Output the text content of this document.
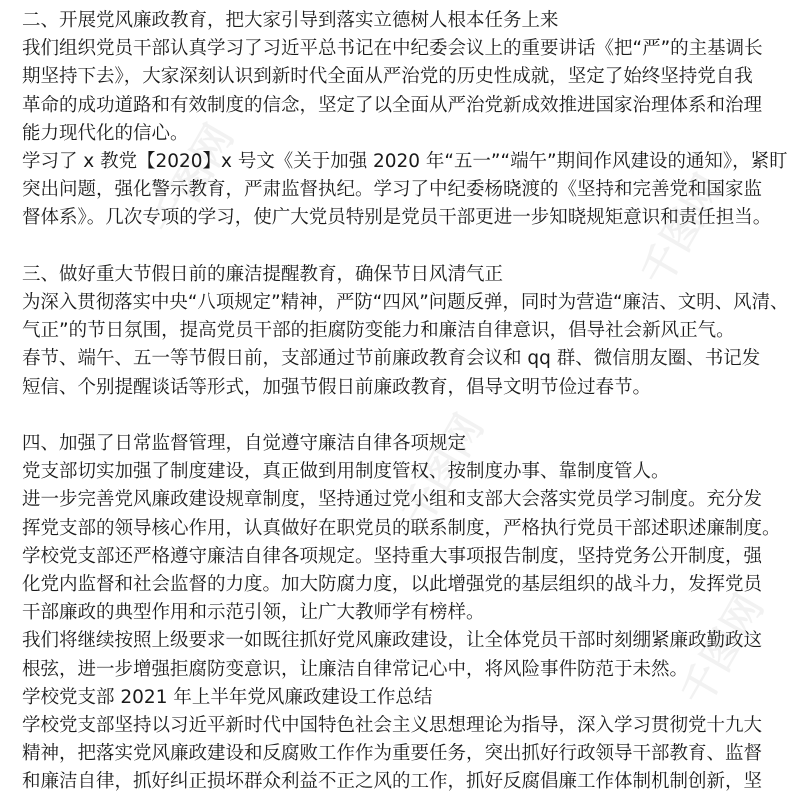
千图网	千图网
千图网
千图网
二、开展党风廉政教育，把大家引导到落实立德树人根本任务上来
我们组织党员干部认真学习了习近平总书记在中纪委会议上的重要讲话《把“严”的主基调长
期坚持下去》，大家深刻认识到新时代全面从严治党的历史性成就，坚定了始终坚持党自我
革命的成功道路和有效制度的信念，坚定了以全面从严治党新成效推进国家治理体系和治理
能力现代化的信心。
学习了 x 教党【2020】x 号文《关于加强 2020 年“五一”“端午”期间作风建设的通知》，紧盯
突出问题，强化警示教育，严肃监督执纪。学习了中纪委杨晓渡的《坚持和完善党和国家监
督体系》。几次专项的学习，使广大党员特别是党员干部更进一步知晓规矩意识和责任担当。
三、做好重大节假日前的廉洁提醒教育，确保节日风清气正
为深入贯彻落实中央“八项规定”精神，严防“四风”问题反弹，同时为营造“廉洁、文明、风清、
气正”的节日氛围，提高党员干部的拒腐防变能力和廉洁自律意识，倡导社会新风正气。
春节、端午、五一等节假日前，支部通过节前廉政教育会议和 qq 群、微信朋友圈、书记发
短信、个别提醒谈话等形式，加强节假日前廉政教育，倡导文明节俭过春节。
四、加强了日常监督管理，自觉遵守廉洁自律各项规定
党支部切实加强了制度建设，真正做到用制度管权、按制度办事、靠制度管人。
进一步完善党风廉政建设规章制度，坚持通过党小组和支部大会落实党员学习制度。充分发
挥党支部的领导核心作用，认真做好在职党员的联系制度，严格执行党员干部述职述廉制度。
学校党支部还严格遵守廉洁自律各项规定。坚持重大事项报告制度，坚持党务公开制度，强
化党内监督和社会监督的力度。加大防腐力度，以此增强党的基层组织的战斗力，发挥党员
干部廉政的典型作用和示范引领，让广大教师学有榜样。
我们将继续按照上级要求一如既往抓好党风廉政建设，让全体党员干部时刻绷紧廉政勤政这
根弦，进一步增强拒腐防变意识，让廉洁自律常记心中，将风险事件防范于未然。
学校党支部 2021 年上半年党风廉政建设工作总结
学校党支部坚持以习近平新时代中国特色社会主义思想理论为指导，深入学习贯彻党十九大
精神，把落实党风廉政建设和反腐败工作作为重要任务，突出抓好行政领导干部教育、监督
和廉洁自律，抓好纠正损坏群众利益不正之风的工作，抓好反腐倡廉工作体制机制创新，坚
